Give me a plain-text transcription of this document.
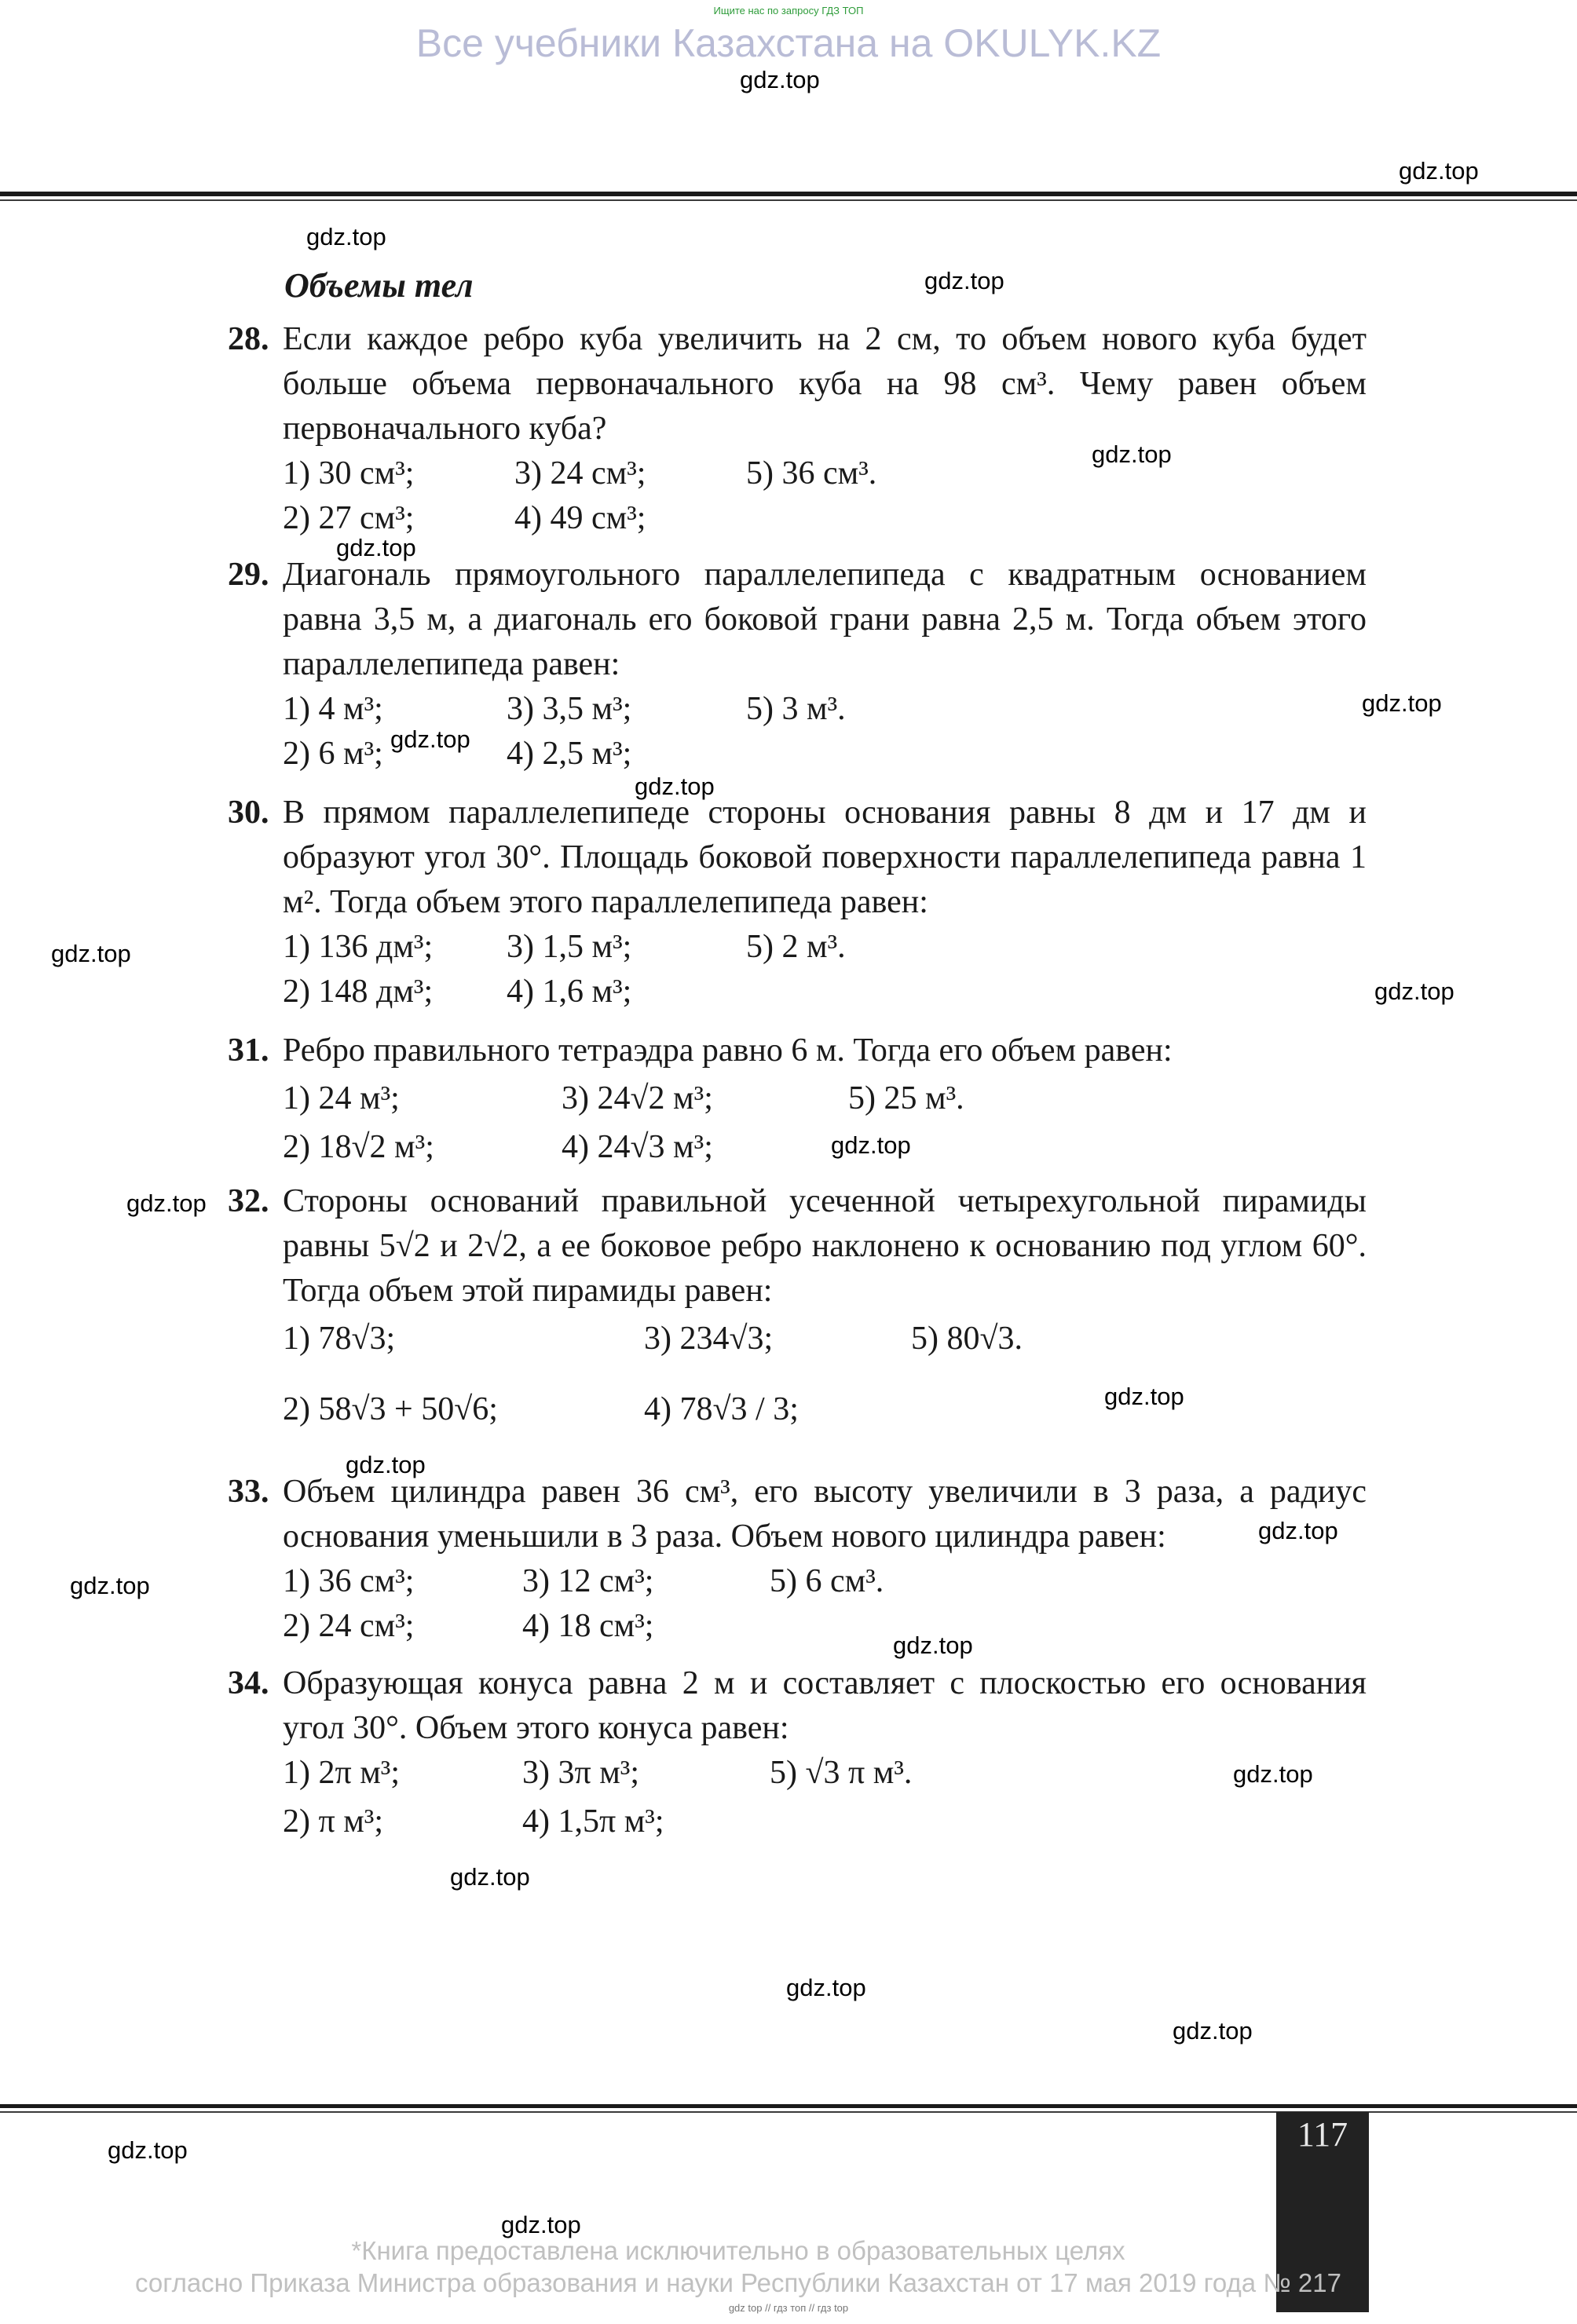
Ищите нас по запросу ГДЗ ТОП
Все учебники Казахстана на OKULYK.KZ
Объемы тел
28. Если каждое ребро куба увеличить на 2 см, то объем нового куба будет больше объема первоначального куба на 98 см³. Чему равен объем первоначального куба?
1) 30 см³;	3) 24 см³;	5) 36 см³.
2) 27 см³;	4) 49 см³;
29. Диагональ прямоугольного параллелепипеда с квадратным основанием равна 3,5 м, а диагональ его боковой грани равна 2,5 м. Тогда объем этого параллелепипеда равен:
1) 4 м³;	3) 3,5 м³;	5) 3 м³.
2) 6 м³;	4) 2,5 м³;
30. В прямом параллелепипеде стороны основания равны 8 дм и 17 дм и образуют угол 30°. Площадь боковой поверхности параллелепипеда равна 1 м². Тогда объем этого параллелепипеда равен:
1) 136 дм³; 3) 1,5 м³;	5) 2 м³.
2) 148 дм³; 4) 1,6 м³;
31. Ребро правильного тетраэдра равно 6 м. Тогда его объем равен:
1) 24 м³;	3) 24√2 м³;	5) 25 м³.
2) 18√2 м³;	4) 24√3 м³;
32. Стороны оснований правильной усеченной четырехугольной пирамиды равны 5√2 и 2√2, а ее боковое ребро наклонено к основанию под углом 60°. Тогда объем этой пирамиды равен:
1) 78√3;	3) 234√3;	5) 80√3.
2) 58√3 + 50√6;	4) 78√3 / 3;
33. Объем цилиндра равен 36 см³, его высоту увеличили в 3 раза, а радиус основания уменьшили в 3 раза. Объем нового цилиндра равен:
1) 36 см³;	3) 12 см³;	5) 6 см³.
2) 24 см³;	4) 18 см³;
34. Образующая конуса равна 2 м и составляет с плоскостью его основания угол 30°. Объем этого конуса равен:
1) 2π м³;	3) 3π м³;	5) √3 π м³.
2) π м³;	4) 1,5π м³;
117
gdz.top
gdz.top
gdz.top
gdz.top
gdz.top
gdz.top
gdz.top
gdz.top
gdz.top
gdz.top
gdz.top
gdz.top
gdz.top
gdz.top
gdz.top
gdz.top
gdz.top
gdz.top
gdz.top
gdz.top
gdz.top
gdz.top
gdz.top
gdz.top
*Книга предоставлена исключительно в образовательных целях
согласно Приказа Министра образования и науки Республики Казахстан от 17 мая 2019 года № 217
gdz top // гдз топ // гдз top
